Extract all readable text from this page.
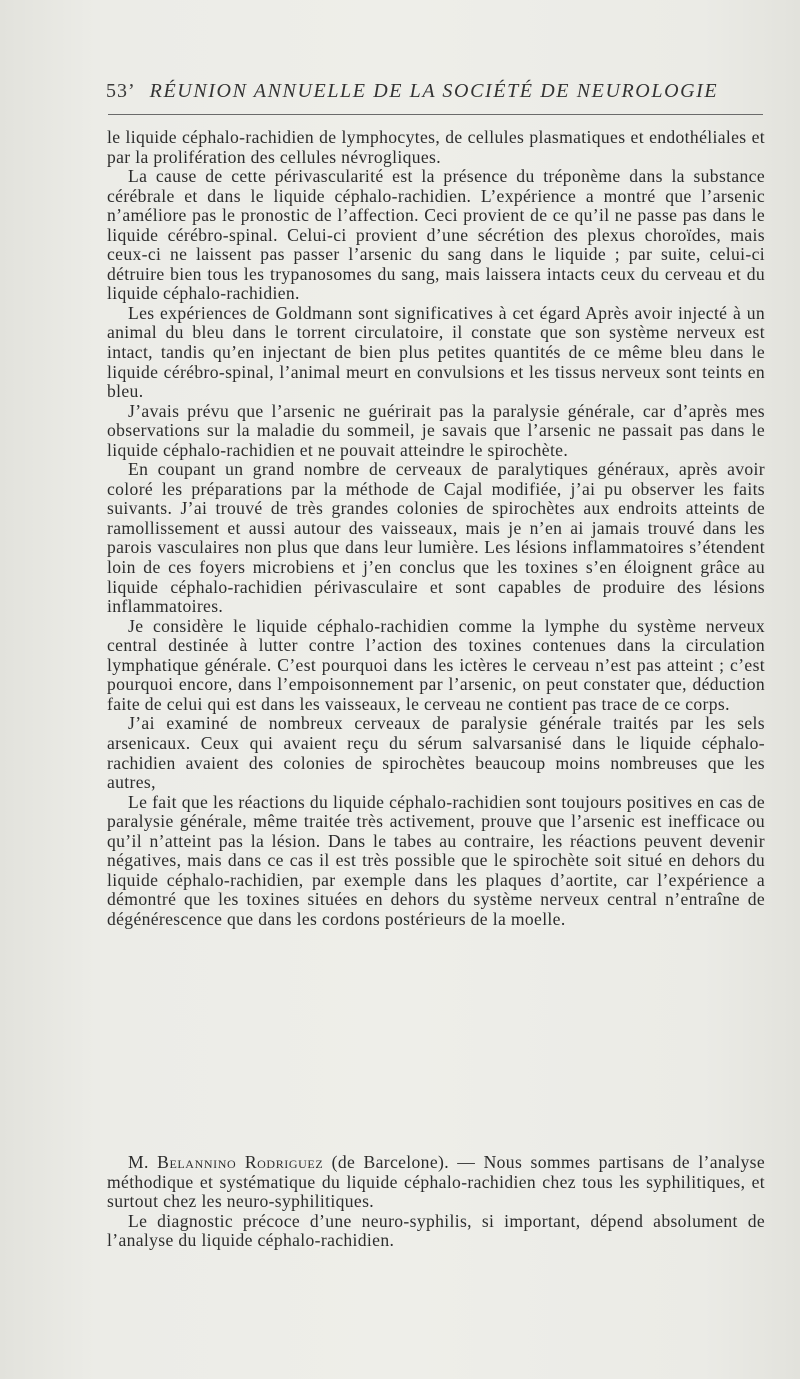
53’ RÉUNION ANNUELLE DE LA SOCIÉTÉ DE NEUROLOGIE

le liquide céphalo-rachidien de lymphocytes, de cellules plasmatiques et endothéliales et par la prolifération des cellules névrogliques.

La cause de cette périvascularité est la présence du tréponème dans la substance cérébrale et dans le liquide céphalo-rachidien. L’expérience a montré que l’arsenic n’améliore pas le pronostic de l’affection. Ceci provient de ce qu’il ne passe pas dans le liquide cérébro-spinal. Celui-ci provient d’une sécrétion des plexus choroïdes, mais ceux-ci ne laissent pas passer l’arsenic du sang dans le liquide ; par suite, celui-ci détruire bien tous les trypanosomes du sang, mais laissera intacts ceux du cerveau et du liquide céphalo-rachidien.

Les expériences de Goldmann sont significatives à cet égard Après avoir injecté à un animal du bleu dans le torrent circulatoire, il constate que son système nerveux est intact, tandis qu’en injectant de bien plus petites quantités de ce même bleu dans le liquide cérébro-spinal, l’animal meurt en convulsions et les tissus nerveux sont teints en bleu.

J’avais prévu que l’arsenic ne guérirait pas la paralysie générale, car d’après mes observations sur la maladie du sommeil, je savais que l’arsenic ne passait pas dans le liquide céphalo-rachidien et ne pouvait atteindre le spirochète.

En coupant un grand nombre de cerveaux de paralytiques généraux, après avoir coloré les préparations par la méthode de Cajal modifiée, j’ai pu observer les faits suivants. J’ai trouvé de très grandes colonies de spirochètes aux endroits atteints de ramollissement et aussi autour des vaisseaux, mais je n’en ai jamais trouvé dans les parois vasculaires non plus que dans leur lumière. Les lésions inflammatoires s’étendent loin de ces foyers microbiens et j’en conclus que les toxines s’en éloignent grâce au liquide céphalo-rachidien périvasculaire et sont capables de produire des lésions inflammatoires.

Je considère le liquide céphalo-rachidien comme la lymphe du système nerveux central destinée à lutter contre l’action des toxines contenues dans la circulation lymphatique générale. C’est pourquoi dans les ictères le cerveau n’est pas atteint ; c’est pourquoi encore, dans l’empoisonnement par l’arsenic, on peut constater que, déduction faite de celui qui est dans les vaisseaux, le cerveau ne contient pas trace de ce corps.

J’ai examiné de nombreux cerveaux de paralysie générale traités par les sels arsenicaux. Ceux qui avaient reçu du sérum salvarsanisé dans le liquide céphalo-rachidien avaient des colonies de spirochètes beaucoup moins nombreuses que les autres,

Le fait que les réactions du liquide céphalo-rachidien sont toujours positives en cas de paralysie générale, même traitée très activement, prouve que l’arsenic est inefficace ou qu’il n’atteint pas la lésion. Dans le tabes au contraire, les réactions peuvent devenir négatives, mais dans ce cas il est très possible que le spirochète soit situé en dehors du liquide céphalo-rachidien, par exemple dans les plaques d’aortite, car l’expérience a démontré que les toxines situées en dehors du système nerveux central n’entraîne de dégénérescence que dans les cordons postérieurs de la moelle.

M. Belannino Rodriguez (de Barcelone). — Nous sommes partisans de l’analyse méthodique et systématique du liquide céphalo-rachidien chez tous les syphilitiques, et surtout chez les neuro-syphilitiques.

Le diagnostic précoce d’une neuro-syphilis, si important, dépend absolument de l’analyse du liquide céphalo-rachidien.
